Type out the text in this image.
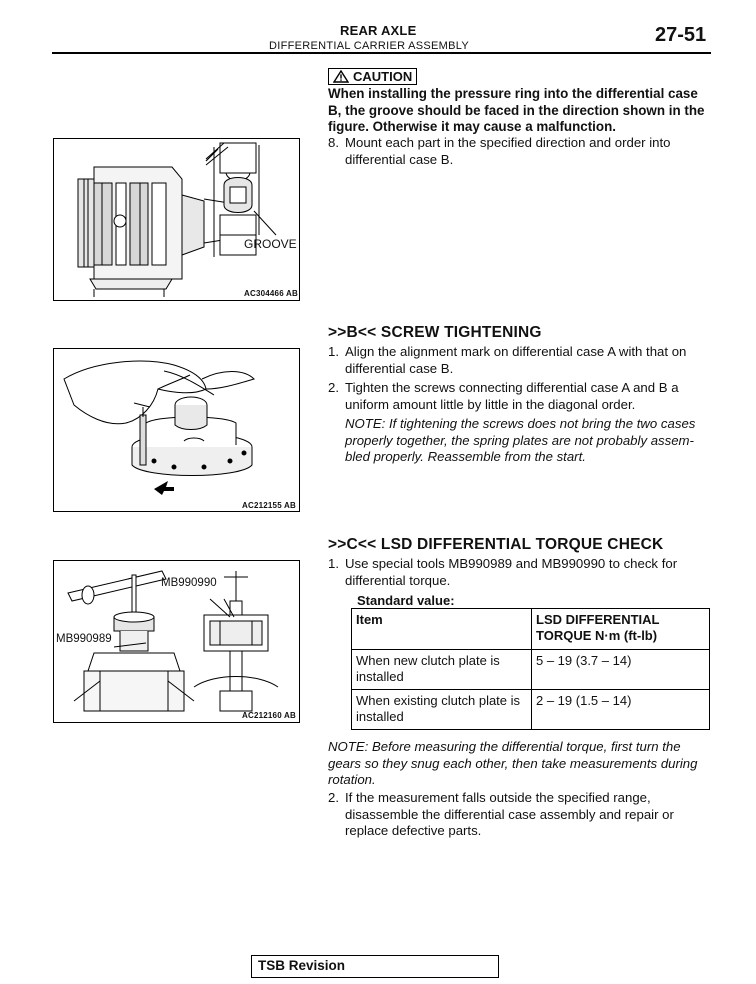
REAR AXLE
DIFFERENTIAL CARRIER ASSEMBLY	27-51
CAUTION
When installing the pressure ring into the differential case B, the groove should be faced in the direction shown in the figure. Otherwise it may cause a malfunction.
8. Mount each part in the specified direction and order into differential case B.
GROOVE
AC304466 AB
>>B<< SCREW TIGHTENING
1. Align the alignment mark on differential case A with that on differential case B.
2. Tighten the screws connecting differential case A and B a uniform amount little by little in the diagonal order.
NOTE: If tightening the screws does not bring the two cases properly together, the spring plates are not probably assem-bled properly. Reassemble from the start.
AC212155 AB
>>C<< LSD DIFFERENTIAL TORQUE CHECK
1. Use special tools MB990989 and MB990990 to check for differential torque.
Standard value:
Item	LSD DIFFERENTIAL TORQUE N·m (ft-lb)
When new clutch plate is installed	5 – 19 (3.7 – 14)
When existing clutch plate is installed	2 – 19 (1.5 – 14)
NOTE: Before measuring the differential torque, first turn the gears so they snug each other, then take measurements during rotation.
2. If the measurement falls outside the specified range, disassemble the differential case assembly and repair or replace defective parts.
MB990990
MB990989
AC212160 AB
TSB Revision
